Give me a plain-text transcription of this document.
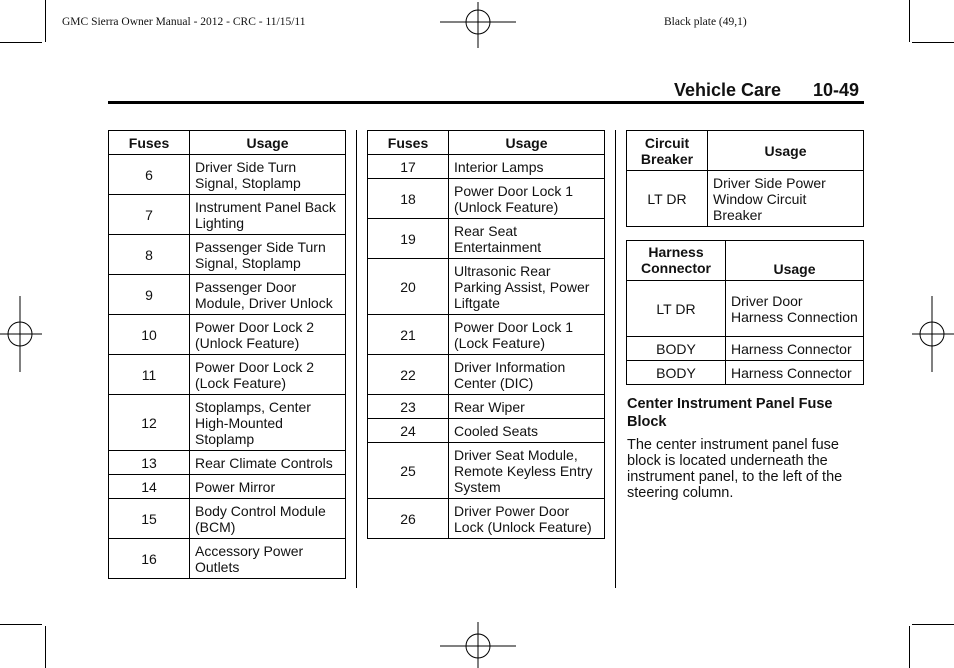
GMC Sierra Owner Manual - 2012 - CRC - 11/15/11	Black plate (49,1)
Vehicle Care 10-49
Fuses	Usage
6	Driver Side Turn Signal, Stoplamp
7	Instrument Panel Back Lighting
8	Passenger Side Turn Signal, Stoplamp
9	Passenger Door Module, Driver Unlock
10	Power Door Lock 2 (Unlock Feature)
11	Power Door Lock 2 (Lock Feature)
12	Stoplamps, Center High-Mounted Stoplamp
13	Rear Climate Controls
14	Power Mirror
15	Body Control Module (BCM)
16	Accessory Power Outlets
Fuses	Usage
17	Interior Lamps
18	Power Door Lock 1 (Unlock Feature)
19	Rear Seat Entertainment
20	Ultrasonic Rear Parking Assist, Power Liftgate
21	Power Door Lock 1 (Lock Feature)
22	Driver Information Center (DIC)
23	Rear Wiper
24	Cooled Seats
25	Driver Seat Module, Remote Keyless Entry System
26	Driver Power Door Lock (Unlock Feature)
Circuit Breaker	Usage
LT DR	Driver Side Power Window Circuit Breaker
Harness Connector	Usage
LT DR	Driver Door Harness Connection
BODY	Harness Connector
BODY	Harness Connector
Center Instrument Panel Fuse Block
The center instrument panel fuse block is located underneath the instrument panel, to the left of the steering column.
